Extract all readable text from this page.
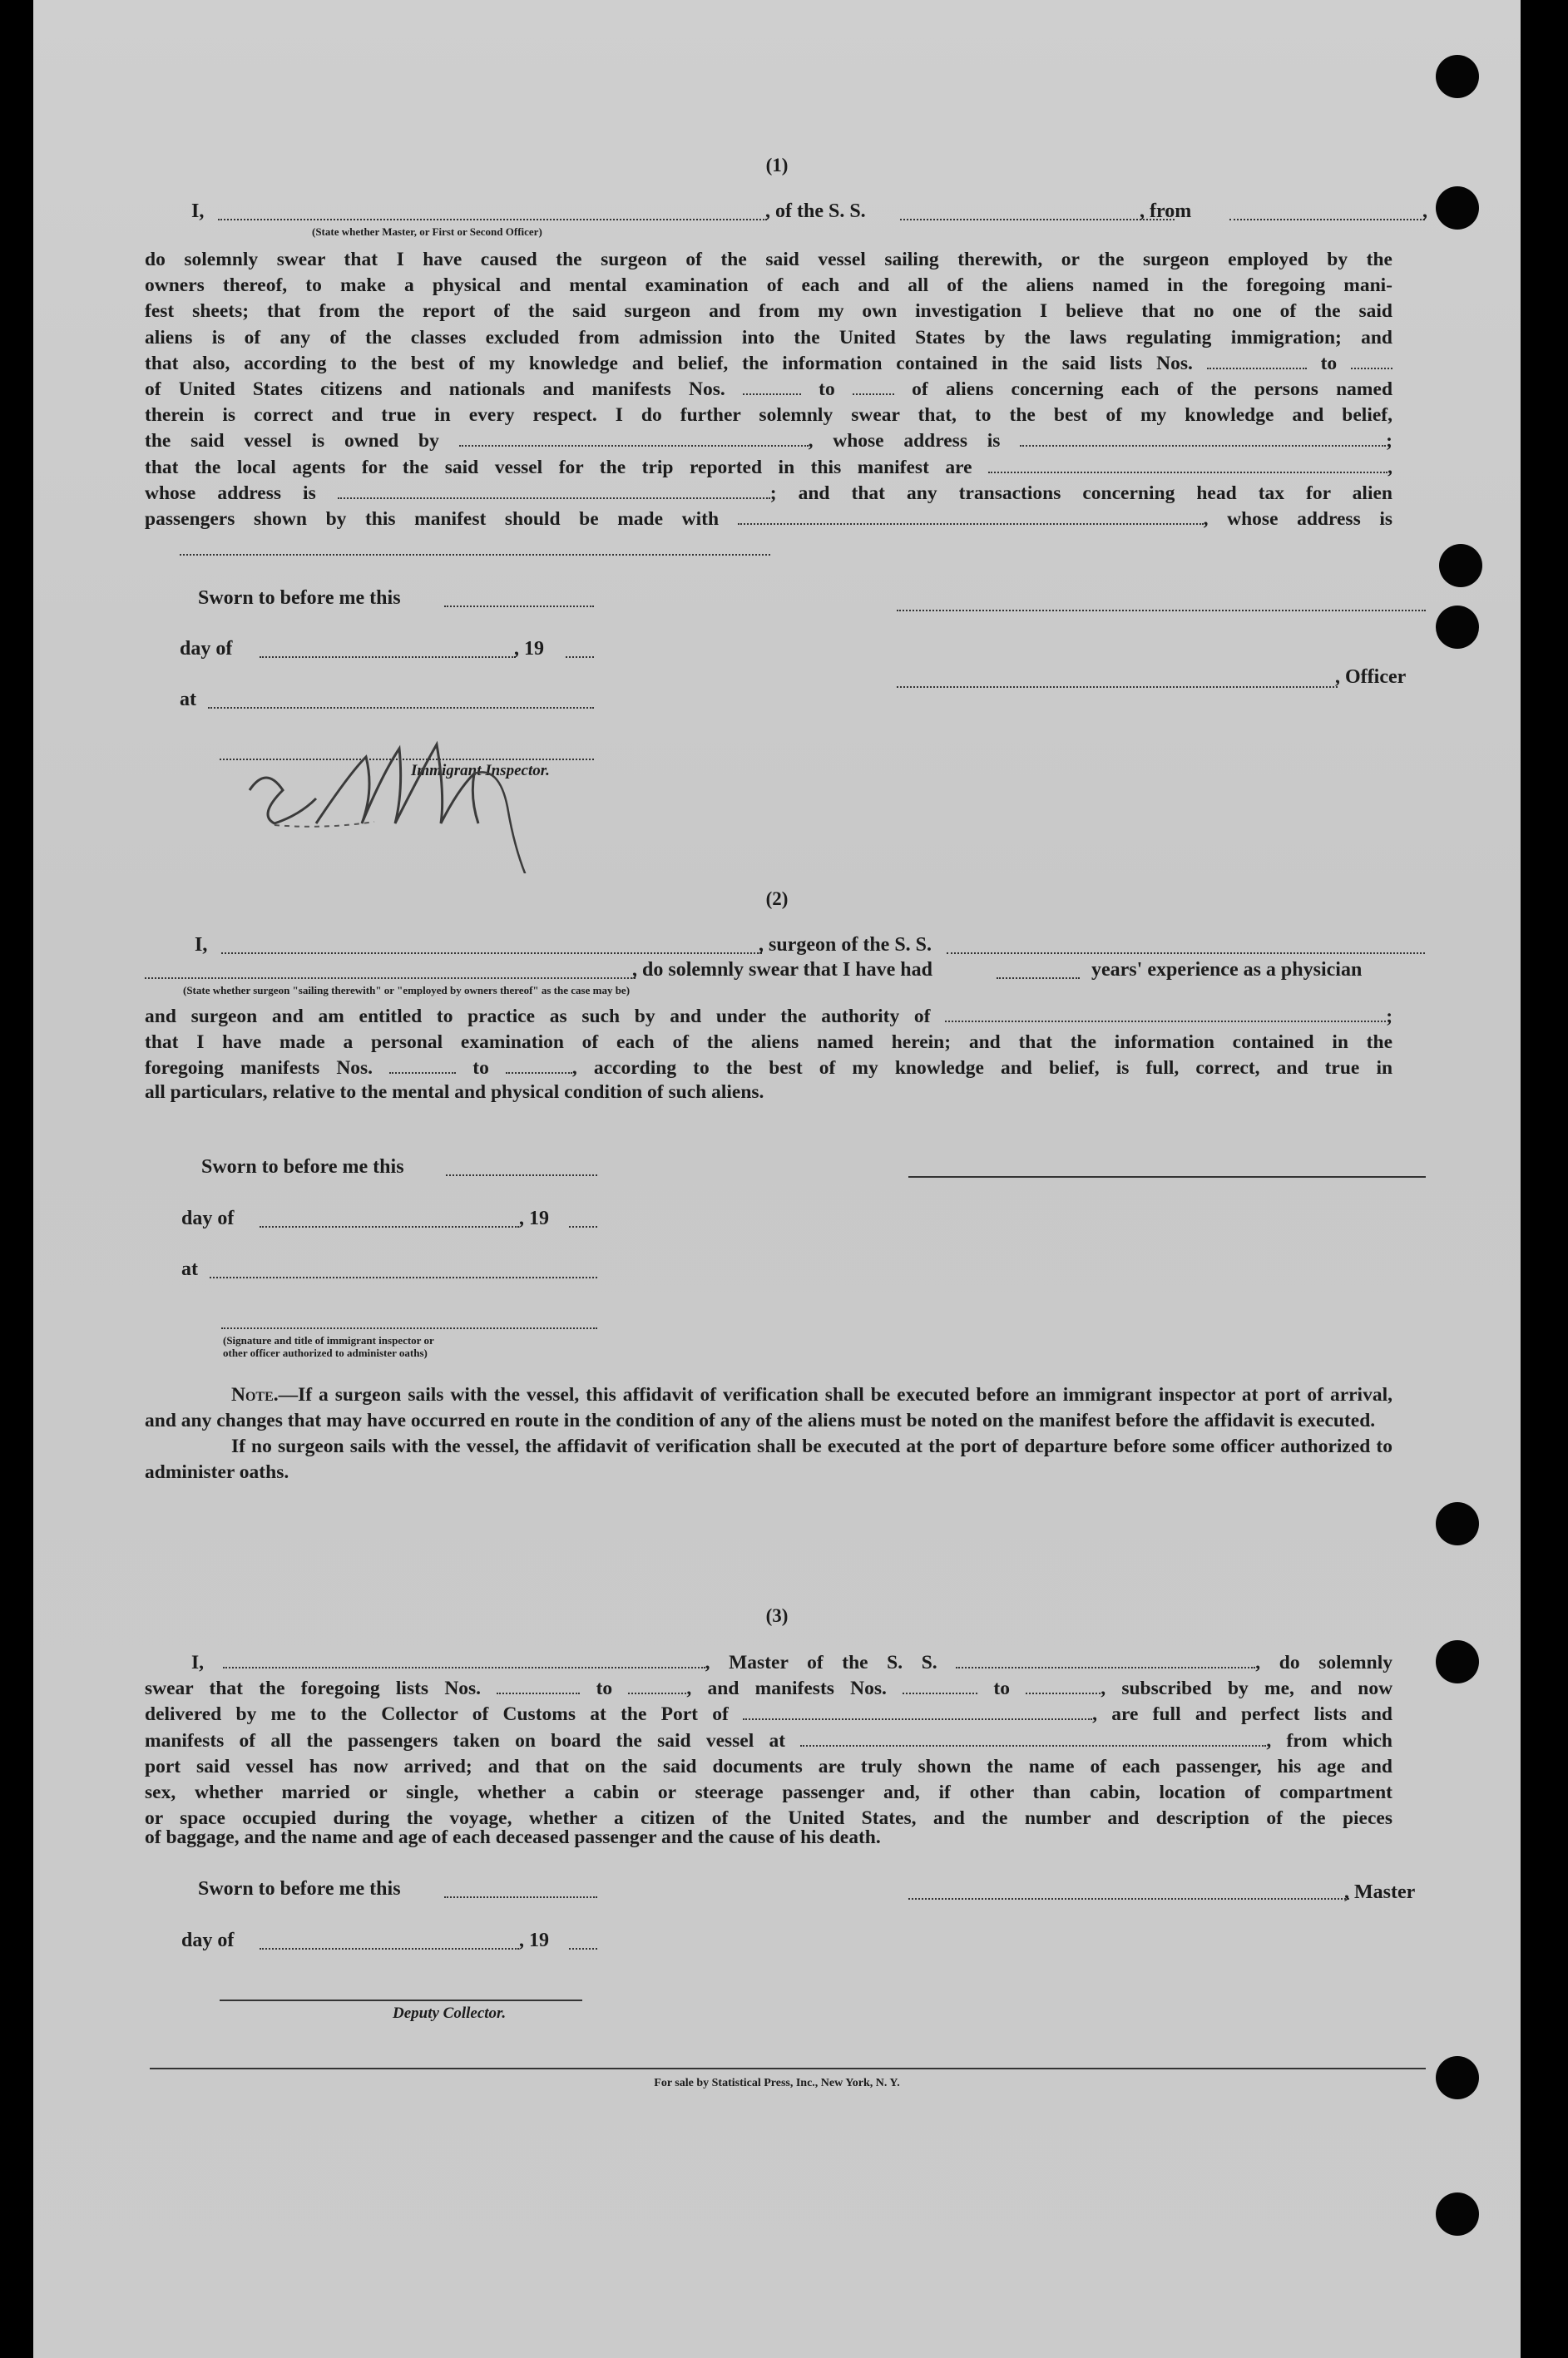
(1)
I,	, of the S. S.	, from	,
(State whether Master, or First or Second Officer)
do solemnly swear that I have caused the surgeon of the said vessel sailing therewith, or the surgeon employed by the
owners thereof, to make a physical and mental examination of each and all of the aliens named in the foregoing mani-
fest sheets; that from the report of the said surgeon and from my own investigation I believe that no one of the said
aliens is of any of the classes excluded from admission into the United States by the laws regulating immigration; and
that also, according to the best of my knowledge and belief, the information contained in the said lists Nos.	to
of United States citizens and nationals and manifests Nos.	to	of aliens concerning each of the persons named
therein is correct and true in every respect. I do further solemnly swear that, to the best of my knowledge and belief,
the said vessel is owned by	, whose address is	;
that the local agents for the said vessel for the trip reported in this manifest are	,
whose address is	; and that any transactions concerning head tax for alien
passengers shown by this manifest should be made with	, whose address is
Sworn to before me this
day of	, 19
, Officer
at
Immigrant Inspector.
(2)
I,	, surgeon of the S. S.
, do solemnly swear that I have had	years' experience as a physician
(State whether surgeon "sailing therewith" or "employed by owners thereof" as the case may be)
and surgeon and am entitled to practice as such by and under the authority of	;
that I have made a personal examination of each of the aliens named herein; and that the information contained in the
foregoing manifests Nos.	to	, according to the best of my knowledge and belief, is full, correct, and true in
all particulars, relative to the mental and physical condition of such aliens.
Sworn to before me this
day of	, 19
at
(Signature and title of immigrant inspector or
other officer authorized to administer oaths)
Note.—If a surgeon sails with the vessel, this affidavit of verification shall be executed before an immigrant inspector at port of arrival, and any changes that may have occurred en route in the condition of any of the aliens must be noted on the manifest before the affidavit is executed.
If no surgeon sails with the vessel, the affidavit of verification shall be executed at the port of departure before some officer authorized to administer oaths.
(3)
I,	, Master of the S. S.	, do solemnly
swear that the foregoing lists Nos.	to	, and manifests Nos.	to	, subscribed by me, and now
delivered by me to the Collector of Customs at the Port of	, are full and perfect lists and
manifests of all the passengers taken on board the said vessel at	, from which
port said vessel has now arrived; and that on the said documents are truly shown the name of each passenger, his age and
sex, whether married or single, whether a cabin or steerage passenger and, if other than cabin, location of compartment
or space occupied during the voyage, whether a citizen of the United States, and the number and description of the pieces
of baggage, and the name and age of each deceased passenger and the cause of his death.
Sworn to before me this	, Master
day of	, 19
Deputy Collector.
For sale by Statistical Press, Inc., New York, N. Y.
